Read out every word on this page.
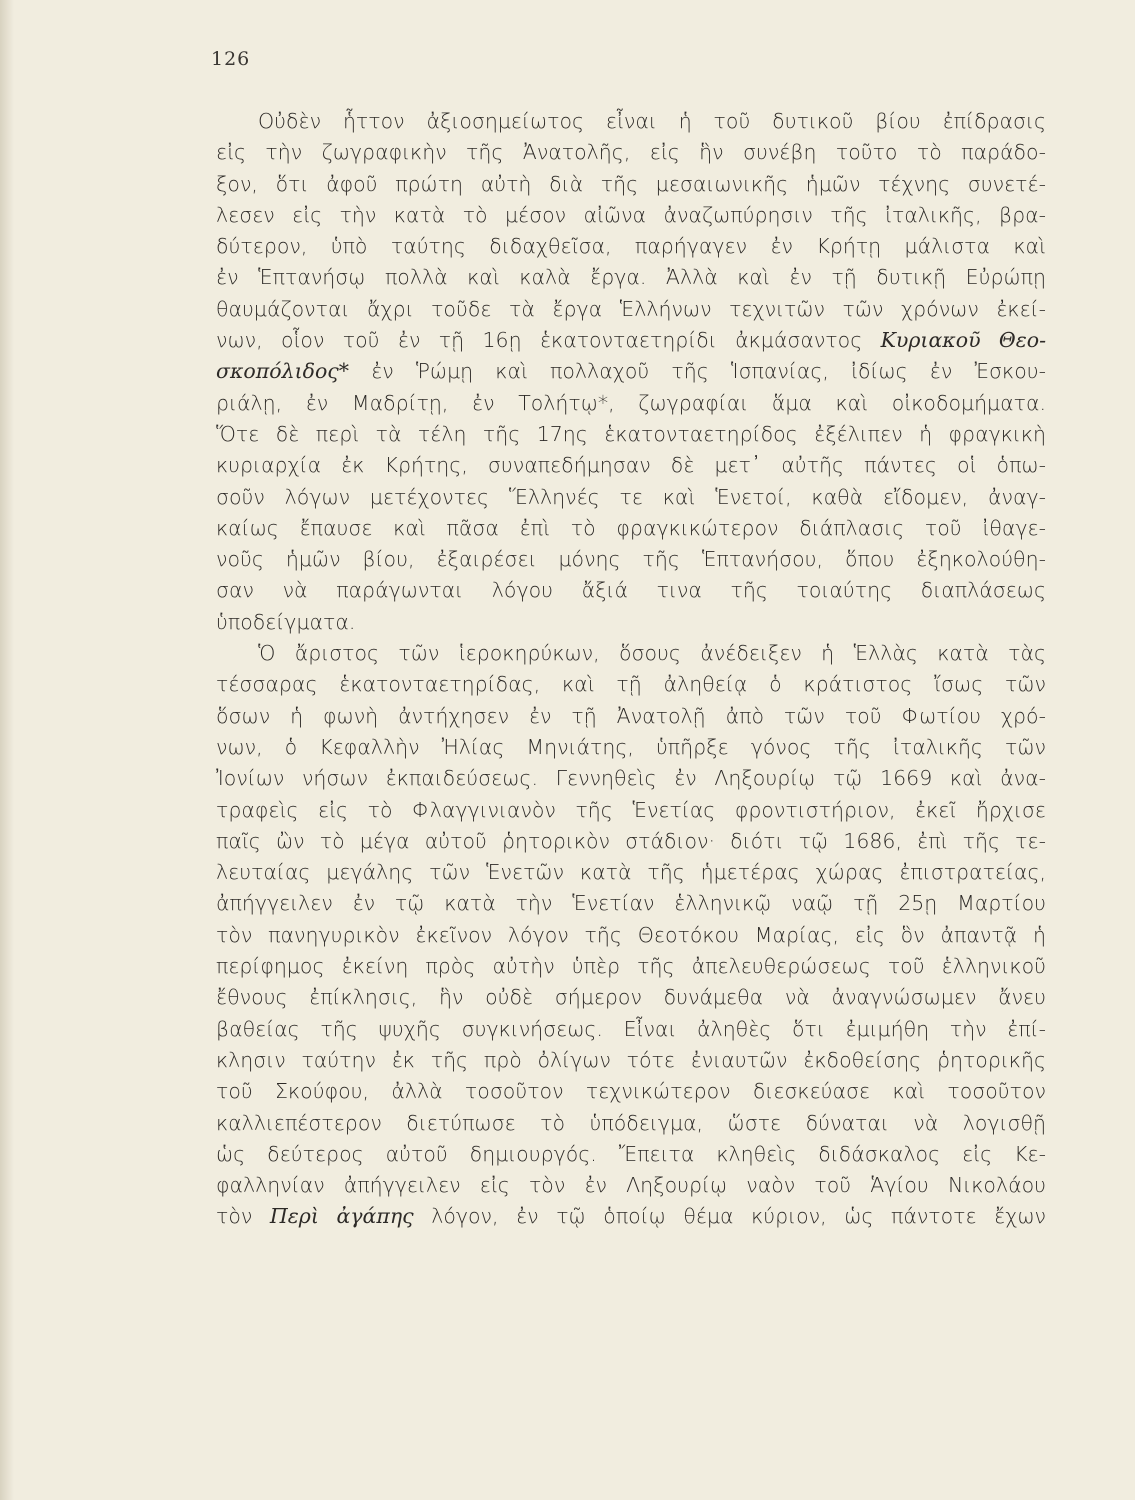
126
Οὐδὲν ἧττον ἀξιοσημείωτος εἶναι ἡ τοῦ δυτικοῦ βίου ἐπίδρασις
εἰς τὴν ζωγραφικὴν τῆς Ἀνατολῆς, εἰς ἣν συνέβη τοῦτο τὸ παράδο-
ξον, ὅτι ἀφοῦ πρώτη αὐτὴ διὰ τῆς μεσαιωνικῆς ἡμῶν τέχνης συνετέ-
λεσεν εἰς τὴν κατὰ τὸ μέσον αἰῶνα ἀναζωπύρησιν τῆς ἰταλικῆς, βρα-
δύτερον, ὑπὸ ταύτης διδαχθεῖσα, παρήγαγεν ἐν Κρήτῃ μάλιστα καὶ
ἐν Ἑπτανήσῳ πολλὰ καὶ καλὰ ἔργα. Ἀλλὰ καὶ ἐν τῇ δυτικῇ Εὐρώπῃ
θαυμάζονται ἄχρι τοῦδε τὰ ἔργα Ἑλλήνων τεχνιτῶν τῶν χρόνων ἐκεί-
νων, οἷον τοῦ ἐν τῇ 16ῃ ἑκατονταετηρίδι ἀκμάσαντος Κυριακοῦ Θεο-
σκοπόλιδος* ἐν Ῥώμῃ καὶ πολλαχοῦ τῆς Ἱσπανίας, ἰδίως ἐν Ἐσκου-
ριάλῃ, ἐν Μαδρίτῃ, ἐν Τολήτῳ*, ζωγραφίαι ἅμα καὶ οἰκοδομήματα.
Ὅτε δὲ περὶ τὰ τέλη τῆς 17ης ἑκατονταετηρίδος ἐξέλιπεν ἡ φραγκικὴ
κυριαρχία ἐκ Κρήτης, συναπεδήμησαν δὲ μετ᾽ αὐτῆς πάντες οἱ ὁπω-
σοῦν λόγων μετέχοντες Ἕλληνές τε καὶ Ἑνετοί, καθὰ εἴδομεν, ἀναγ-
καίως ἔπαυσε καὶ πᾶσα ἐπὶ τὸ φραγκικώτερον διάπλασις τοῦ ἰθαγε-
νοῦς ἡμῶν βίου, ἐξαιρέσει μόνης τῆς Ἑπτανήσου, ὅπου ἐξηκολούθη-
σαν νὰ παράγωνται λόγου ἄξιά τινα τῆς τοιαύτης διαπλάσεως
ὑποδείγματα.
Ὁ ἄριστος τῶν ἱεροκηρύκων, ὅσους ἀνέδειξεν ἡ Ἑλλὰς κατὰ τὰς
τέσσαρας ἑκατονταετηρίδας, καὶ τῇ ἀληθείᾳ ὁ κράτιστος ἴσως τῶν
ὅσων ἡ φωνὴ ἀντήχησεν ἐν τῇ Ἀνατολῇ ἀπὸ τῶν τοῦ Φωτίου χρό-
νων, ὁ Κεφαλλὴν Ἠλίας Μηνιάτης, ὑπῆρξε γόνος τῆς ἰταλικῆς τῶν
Ἰονίων νήσων ἐκπαιδεύσεως. Γεννηθεὶς ἐν Ληξουρίῳ τῷ 1669 καὶ ἀνα-
τραφεὶς εἰς τὸ Φλαγγινιανὸν τῆς Ἑνετίας φροντιστήριον, ἐκεῖ ἤρχισε
παῖς ὢν τὸ μέγα αὐτοῦ ῥητορικὸν στάδιον· διότι τῷ 1686, ἐπὶ τῆς τε-
λευταίας μεγάλης τῶν Ἑνετῶν κατὰ τῆς ἡμετέρας χώρας ἐπιστρατείας,
ἀπήγγειλεν ἐν τῷ κατὰ τὴν Ἑνετίαν ἑλληνικῷ ναῷ τῇ 25ῃ Μαρτίου
τὸν πανηγυρικὸν ἐκεῖνον λόγον τῆς Θεοτόκου Μαρίας, εἰς ὃν ἀπαντᾷ ἡ
περίφημος ἐκείνη πρὸς αὐτὴν ὑπὲρ τῆς ἀπελευθερώσεως τοῦ ἑλληνικοῦ
ἔθνους ἐπίκλησις, ἣν οὐδὲ σήμερον δυνάμεθα νὰ ἀναγνώσωμεν ἄνευ
βαθείας τῆς ψυχῆς συγκινήσεως. Εἶναι ἀληθὲς ὅτι ἐμιμήθη τὴν ἐπί-
κλησιν ταύτην ἐκ τῆς πρὸ ὀλίγων τότε ἐνιαυτῶν ἐκδοθείσης ῥητορικῆς
τοῦ Σκούφου, ἀλλὰ τοσοῦτον τεχνικώτερον διεσκεύασε καὶ τοσοῦτον
καλλιεπέστερον διετύπωσε τὸ ὑπόδειγμα, ὥστε δύναται νὰ λογισθῇ
ὡς δεύτερος αὐτοῦ δημιουργός. Ἔπειτα κληθεὶς διδάσκαλος εἰς Κε-
φαλληνίαν ἀπήγγειλεν εἰς τὸν ἐν Ληξουρίῳ ναὸν τοῦ Ἁγίου Νικολάου
τὸν Περὶ ἀγάπης λόγον, ἐν τῷ ὁποίῳ θέμα κύριον, ὡς πάντοτε ἔχων
